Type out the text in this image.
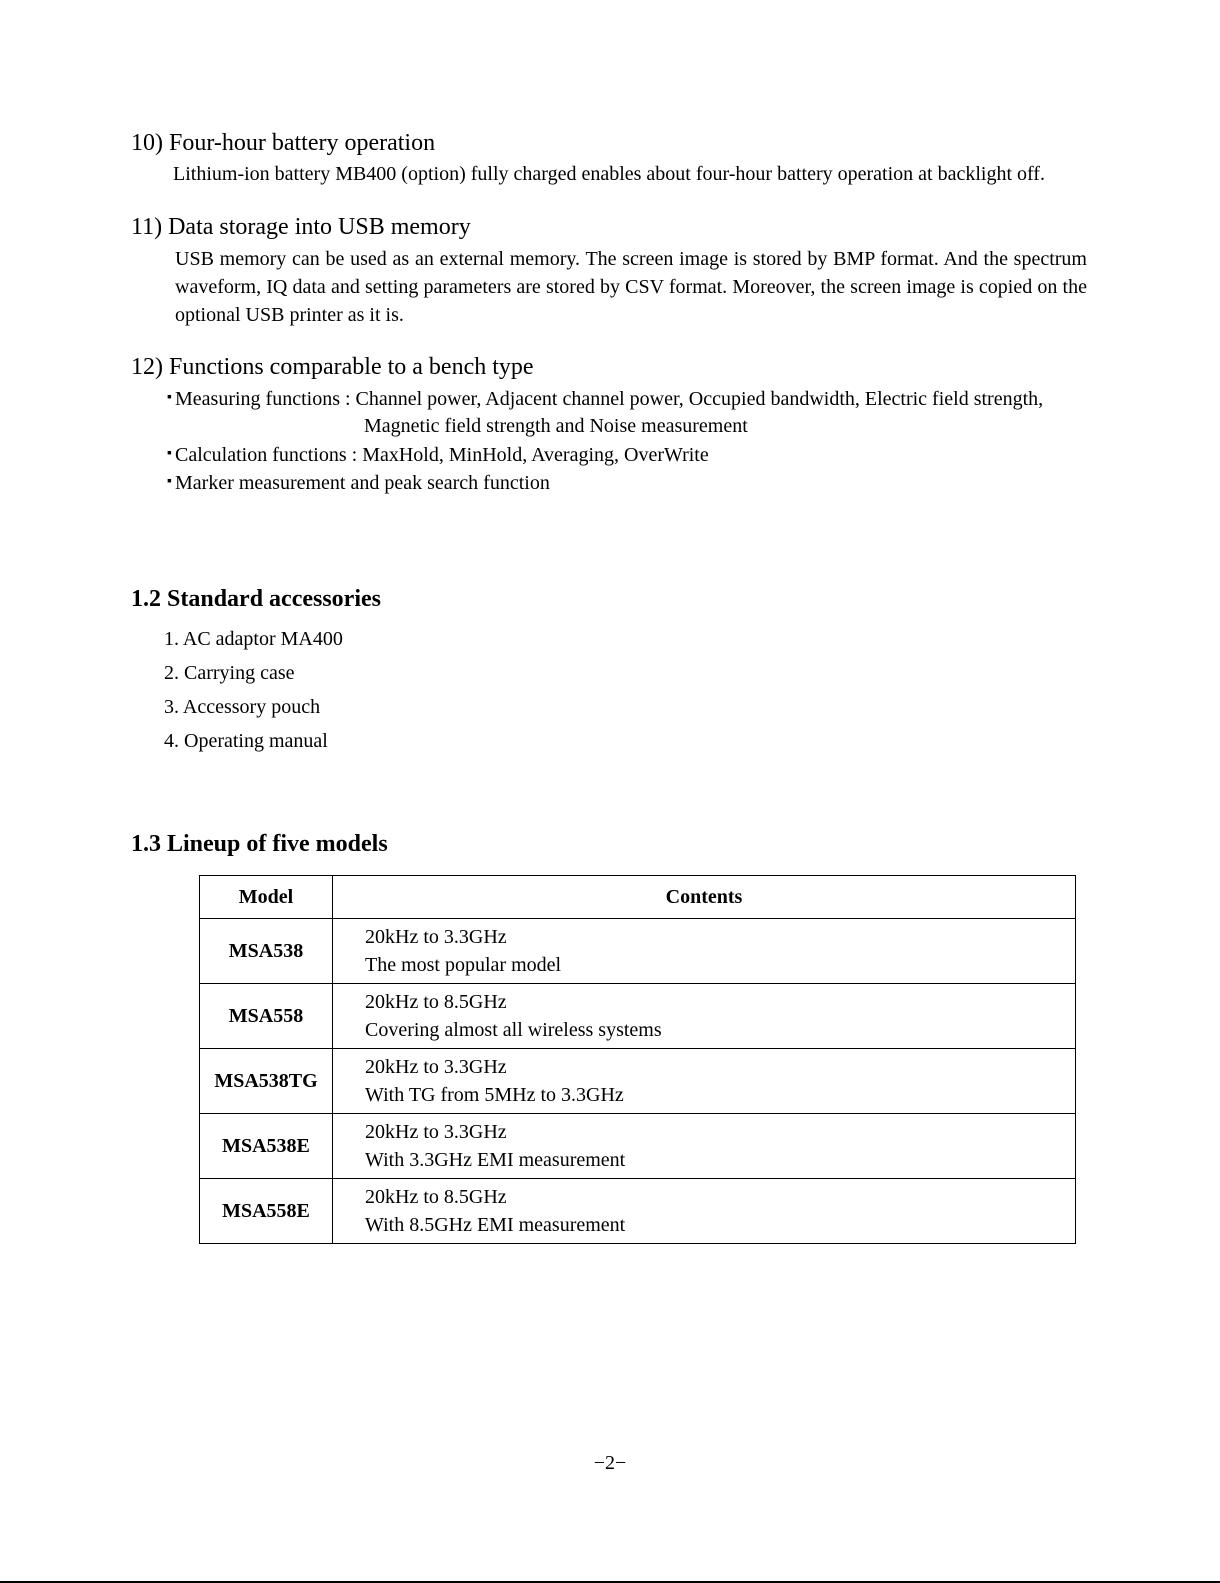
10) Four-hour battery operation
Lithium-ion battery MB400 (option) fully charged enables about four-hour battery operation at backlight off.
11) Data storage into USB memory
USB memory can be used as an external memory. The screen image is stored by BMP format. And the spectrum waveform, IQ data and setting parameters are stored by CSV format. Moreover, the screen image is copied on the optional USB printer as it is.
12) Functions comparable to a bench type
▪ Measuring functions : Channel power, Adjacent channel power, Occupied bandwidth, Electric field strength,
Magnetic field strength and Noise measurement
▪ Calculation functions : MaxHold, MinHold, Averaging, OverWrite
▪ Marker measurement and peak search function
1.2 Standard accessories
1. AC adaptor MA400
2. Carrying case
3. Accessory pouch
4. Operating manual
1.3 Lineup of five models
Model	Contents
MSA538	20kHz to 3.3GHz
The most popular model

MSA558	20kHz to 8.5GHz
Covering almost all wireless systems

MSA538TG	20kHz to 3.3GHz
With TG from 5MHz to 3.3GHz

MSA538E	20kHz to 3.3GHz
With 3.3GHz EMI measurement

MSA558E	20kHz to 8.5GHz
With 8.5GHz EMI measurement
−2−
